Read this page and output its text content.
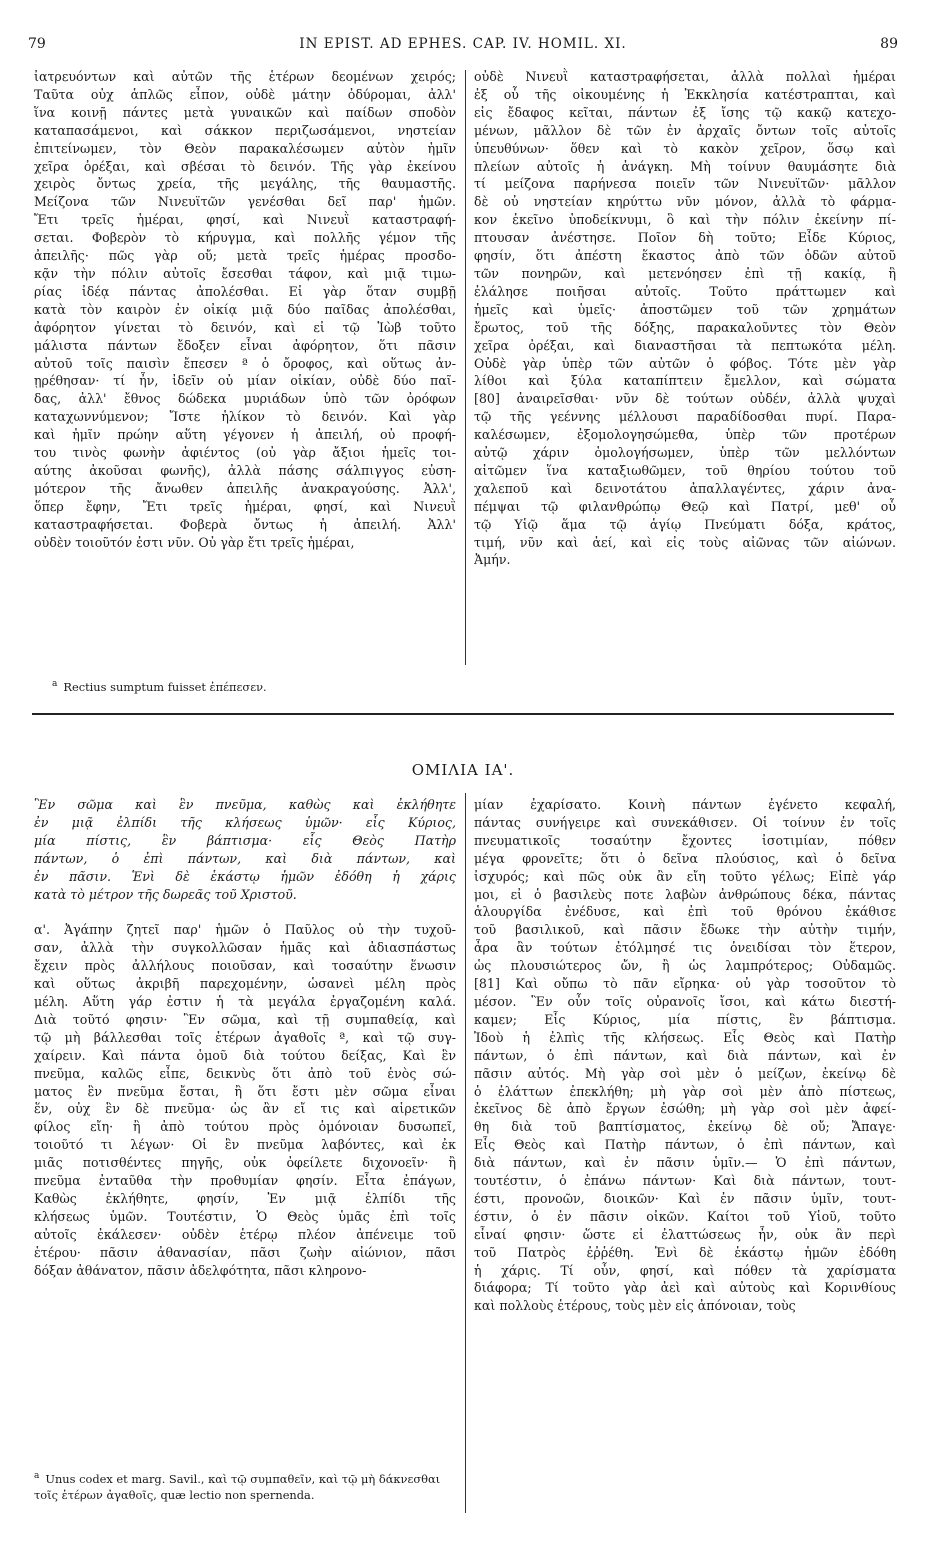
79	IN EPIST. AD EPHES. CAP. IV. HOMIL. XI.	89
ἰατρευόντων καὶ αὐτῶν τῆς ἑτέρων δεομένων χειρός;
Ταῦτα οὐχ ἁπλῶς εἶπον, οὐδὲ μάτην ὀδύρομαι, ἀλλ'
ἵνα κοινῇ πάντες μετὰ γυναικῶν καὶ παίδων σποδὸν
καταπασάμενοι, καὶ σάκκον περιζωσάμενοι, νηστείαν
ἐπιτείνωμεν, τὸν Θεὸν παρακαλέσωμεν αὐτὸν ἡμῖν
χεῖρα ὀρέξαι, καὶ σβέσαι τὸ δεινόν. Τῆς γὰρ ἐκείνου
χειρὸς ὄντως χρεία, τῆς μεγάλης, τῆς θαυμαστῆς.
Μείζονα τῶν Νινευϊτῶν γενέσθαι δεῖ παρ' ἡμῶν.
Ἔτι τρεῖς ἡμέραι, φησί, καὶ Νινευῒ καταστραφή-
σεται. Φοβερὸν τὸ κήρυγμα, καὶ πολλῆς γέμον τῆς
ἀπειλῆς· πῶς γὰρ οὔ; μετὰ τρεῖς ἡμέρας προσδο-
κᾷν τὴν πόλιν αὐτοῖς ἔσεσθαι τάφον, καὶ μιᾷ τιμω-
ρίας ἰδέᾳ πάντας ἀπολέσθαι. Εἰ γὰρ ὅταν συμβῇ
κατὰ τὸν καιρὸν ἐν οἰκίᾳ μιᾷ δύο παῖδας ἀπολέσθαι,
ἀφόρητον γίνεται τὸ δεινόν, καὶ εἰ τῷ Ἰὼβ τοῦτο
μάλιστα πάντων ἔδοξεν εἶναι ἀφόρητον, ὅτι πᾶσιν
αὐτοῦ τοῖς παισὶν ἔπεσεν ª ὁ ὄροφος, καὶ οὕτως ἀν-
ῃρέθησαν· τί ἦν, ἰδεῖν οὐ μίαν οἰκίαν, οὐδὲ δύο παῖ-
δας, ἀλλ' ἔθνος δώδεκα μυριάδων ὑπὸ τῶν ὀρόφων
καταχωννύμενον; Ἴστε ἡλίκον τὸ δεινόν. Καὶ γὰρ
καὶ ἡμῖν πρώην αὕτη γέγονεν ἡ ἀπειλή, οὐ προφή-
του τινὸς φωνὴν ἀφιέντος (οὐ γὰρ ἄξιοι ἡμεῖς τοι-
αύτης ἀκοῦσαι φωνῆς), ἀλλὰ πάσης σάλπιγγος εὐση-
μότερον τῆς ἄνωθεν ἀπειλῆς ἀνακραγούσης. Ἀλλ',
ὅπερ ἔφην, Ἔτι τρεῖς ἡμέραι, φησί, καὶ Νινευῒ
καταστραφήσεται. Φοβερὰ ὄντως ἡ ἀπειλή. Ἀλλ'
οὐδὲν τοιοῦτόν ἐστι νῦν. Οὐ γὰρ ἔτι τρεῖς ἡμέραι,
οὐδὲ Νινευῒ καταστραφήσεται, ἀλλὰ πολλαὶ ἡμέραι
ἐξ οὗ τῆς οἰκουμένης ἡ Ἐκκλησία κατέστραπται, καὶ
εἰς ἔδαφος κεῖται, πάντων ἐξ ἴσης τῷ κακῷ κατεχο-
μένων, μᾶλλον δὲ τῶν ἐν ἀρχαῖς ὄντων τοῖς αὐτοῖς
ὑπευθύνων· ὅθεν καὶ τὸ κακὸν χεῖρον, ὅσῳ καὶ
πλείων αὐτοῖς ἡ ἀνάγκη. Μὴ τοίνυν θαυμάσητε διὰ
τί μείζονα παρήνεσα ποιεῖν τῶν Νινευϊτῶν· μᾶλλον
δὲ οὐ νηστείαν κηρύττω νῦν μόνον, ἀλλὰ τὸ φάρμα-
κον ἐκεῖνο ὑποδείκνυμι, ὃ καὶ τὴν πόλιν ἐκείνην πί-
πτουσαν ἀνέστησε. Ποῖον δὴ τοῦτο; Εἶδε Κύριος,
φησίν, ὅτι ἀπέστη ἕκαστος ἀπὸ τῶν ὁδῶν αὐτοῦ
τῶν πονηρῶν, καὶ μετενόησεν ἐπὶ τῇ κακίᾳ, ἣ
ἐλάλησε ποιῆσαι αὐτοῖς. Τοῦτο πράττωμεν καὶ
ἡμεῖς καὶ ὑμεῖς· ἀποστῶμεν τοῦ τῶν χρημάτων
ἔρωτος, τοῦ τῆς δόξης, παρακαλοῦντες τὸν Θεὸν
χεῖρα ὀρέξαι, καὶ διαναστῆσαι τὰ πεπτωκότα μέλη.
Οὐδὲ γὰρ ὑπὲρ τῶν αὐτῶν ὁ φόβος. Τότε μὲν γὰρ
λίθοι καὶ ξύλα καταπίπτειν ἔμελλον, καὶ σώματα
[80] ἀναιρεῖσθαι· νῦν δὲ τούτων οὐδέν, ἀλλὰ ψυχαὶ
τῷ τῆς γεέννης μέλλουσι παραδίδοσθαι πυρί. Παρα-
καλέσωμεν, ἐξομολογησώμεθα, ὑπὲρ τῶν προτέρων
αὐτῷ χάριν ὁμολογήσωμεν, ὑπὲρ τῶν μελλόντων
αἰτῶμεν ἵνα καταξιωθῶμεν, τοῦ θηρίου τούτου τοῦ
χαλεποῦ καὶ δεινοτάτου ἀπαλλαγέντες, χάριν ἀνα-
πέμψαι τῷ φιλανθρώπῳ Θεῷ καὶ Πατρί, μεθ' οὗ
τῷ Υἱῷ ἅμα τῷ ἁγίῳ Πνεύματι δόξα, κράτος,
τιμή, νῦν καὶ ἀεί, καὶ εἰς τοὺς αἰῶνας τῶν αἰώνων.
Ἀμήν.
$^a$ Rectius sumptum fuisset ἐπέπεσεν.
ΟΜΙΛΙΑ ΙΑ'.
Ἓν σῶμα καὶ ἓν πνεῦμα, καθὼς καὶ ἐκλήθητε
ἐν μιᾷ ἐλπίδι τῆς κλήσεως ὑμῶν· εἷς Κύριος,
μία πίστις, ἓν βάπτισμα· εἷς Θεὸς Πατὴρ
πάντων, ὁ ἐπὶ πάντων, καὶ διὰ πάντων, καὶ
ἐν πᾶσιν. Ἑνὶ δὲ ἑκάστῳ ἡμῶν ἐδόθη ἡ χάρις
κατὰ τὸ μέτρον τῆς δωρεᾶς τοῦ Χριστοῦ.

α'. Ἀγάπην ζητεῖ παρ' ἡμῶν ὁ Παῦλος οὐ τὴν τυχοῦ-
σαν, ἀλλὰ τὴν συγκολλῶσαν ἡμᾶς καὶ ἀδιασπάστως
ἔχειν πρὸς ἀλλήλους ποιοῦσαν, καὶ τοσαύτην ἕνωσιν
καὶ οὕτως ἀκριβῆ παρεχομένην, ὡσανεὶ μέλη πρὸς
μέλη. Αὕτη γάρ ἐστιν ἡ τὰ μεγάλα ἐργαζομένη καλά.
Διὰ τοῦτό φησιν· Ἓν σῶμα, καὶ τῇ συμπαθείᾳ, καὶ
τῷ μὴ βάλλεσθαι τοῖς ἑτέρων ἀγαθοῖς ª, καὶ τῷ συγ-
χαίρειν. Καὶ πάντα ὁμοῦ διὰ τούτου δείξας, Καὶ ἓν
πνεῦμα, καλῶς εἶπε, δεικνὺς ὅτι ἀπὸ τοῦ ἑνὸς σώ-
ματος ἓν πνεῦμα ἔσται, ἢ ὅτι ἔστι μὲν σῶμα εἶναι
ἕν, οὐχ ἓν δὲ πνεῦμα· ὡς ἂν εἴ τις καὶ αἱρετικῶν
φίλος εἴη· ἢ ἀπὸ τούτου πρὸς ὁμόνοιαν δυσωπεῖ,
τοιοῦτό τι λέγων· Οἱ ἓν πνεῦμα λαβόντες, καὶ ἐκ
μιᾶς ποτισθέντες πηγῆς, οὐκ ὀφείλετε διχονοεῖν· ἢ
πνεῦμα ἐνταῦθα τὴν προθυμίαν φησίν. Εἶτα ἐπάγων,
Καθὼς ἐκλήθητε, φησίν, Ἐν μιᾷ ἐλπίδι τῆς
κλήσεως ὑμῶν. Τουτέστιν, Ὁ Θεὸς ὑμᾶς ἐπὶ τοῖς
αὐτοῖς ἐκάλεσεν· οὐδὲν ἑτέρῳ πλέον ἀπένειμε τοῦ
ἑτέρου· πᾶσιν ἀθανασίαν, πᾶσι ζωὴν αἰώνιον, πᾶσι
δόξαν ἀθάνατον, πᾶσιν ἀδελφότητα, πᾶσι κληρονο-
μίαν ἐχαρίσατο. Κοινὴ πάντων ἐγένετο κεφαλή,
πάντας συνήγειρε καὶ συνεκάθισεν. Οἱ τοίνυν ἐν τοῖς
πνευματικοῖς τοσαύτην ἔχοντες ἰσοτιμίαν, πόθεν
μέγα φρονεῖτε; ὅτι ὁ δεῖνα πλούσιος, καὶ ὁ δεῖνα
ἰσχυρός; καὶ πῶς οὐκ ἂν εἴη τοῦτο γέλως; Εἰπὲ γάρ
μοι, εἰ ὁ βασιλεὺς ποτε λαβὼν ἀνθρώπους δέκα, πάντας
ἁλουργίδα ἐνέδυσε, καὶ ἐπὶ τοῦ θρόνου ἐκάθισε
τοῦ βασιλικοῦ, καὶ πᾶσιν ἔδωκε τὴν αὐτὴν τιμήν,
ἆρα ἂν τούτων ἐτόλμησέ τις ὀνειδίσαι τὸν ἕτερον,
ὡς πλουσιώτερος ὤν, ἢ ὡς λαμπρότερος; Οὐδαμῶς.
[81] Καὶ οὔπω τὸ πᾶν εἴρηκα· οὐ γὰρ τοσοῦτον τὸ
μέσον. Ἓν οὖν τοῖς οὐρανοῖς ἴσοι, καὶ κάτω διεστή-
καμεν; Εἷς Κύριος, μία πίστις, ἓν βάπτισμα.
Ἰδοὺ ἡ ἐλπὶς τῆς κλήσεως. Εἷς Θεὸς καὶ Πατὴρ
πάντων, ὁ ἐπὶ πάντων, καὶ διὰ πάντων, καὶ ἐν
πᾶσιν αὐτός. Μὴ γὰρ σοὶ μὲν ὁ μείζων, ἐκείνῳ δὲ
ὁ ἐλάττων ἐπεκλήθη; μὴ γὰρ σοὶ μὲν ἀπὸ πίστεως,
ἐκεῖνος δὲ ἀπὸ ἔργων ἐσώθη; μὴ γὰρ σοὶ μὲν ἀφεί-
θη διὰ τοῦ βαπτίσματος, ἐκείνῳ δὲ οὔ; Ἄπαγε·
Εἷς Θεὸς καὶ Πατὴρ πάντων, ὁ ἐπὶ πάντων, καὶ
διὰ πάντων, καὶ ἐν πᾶσιν ὑμῖν.— Ὁ ἐπὶ πάντων,
τουτέστιν, ὁ ἐπάνω πάντων· Καὶ διὰ πάντων, τουτ-
έστι, προνοῶν, διοικῶν· Καὶ ἐν πᾶσιν ὑμῖν, τουτ-
έστιν, ὁ ἐν πᾶσιν οἰκῶν. Καίτοι τοῦ Υἱοῦ, τοῦτο
εἶναί φησιν· ὥστε εἰ ἐλαττώσεως ἦν, οὐκ ἂν περὶ
τοῦ Πατρὸς ἐῤῥέθη. Ἑνὶ δὲ ἑκάστῳ ἡμῶν ἐδόθη
ἡ χάρις. Τί οὖν, φησί, καὶ πόθεν τὰ χαρίσματα
διάφορα; Τί τοῦτο γὰρ ἀεὶ καὶ αὐτοὺς καὶ Κορινθίους
καὶ πολλοὺς ἑτέρους, τοὺς μὲν εἰς ἀπόνοιαν, τοὺς
$^a$ Unus codex et marg. Savil., καὶ τῷ συμπαθεῖν, καὶ τῷ μὴ δάκνεσθαι τοῖς ἑτέρων ἀγαθοῖς, quæ lectio non spernenda.
